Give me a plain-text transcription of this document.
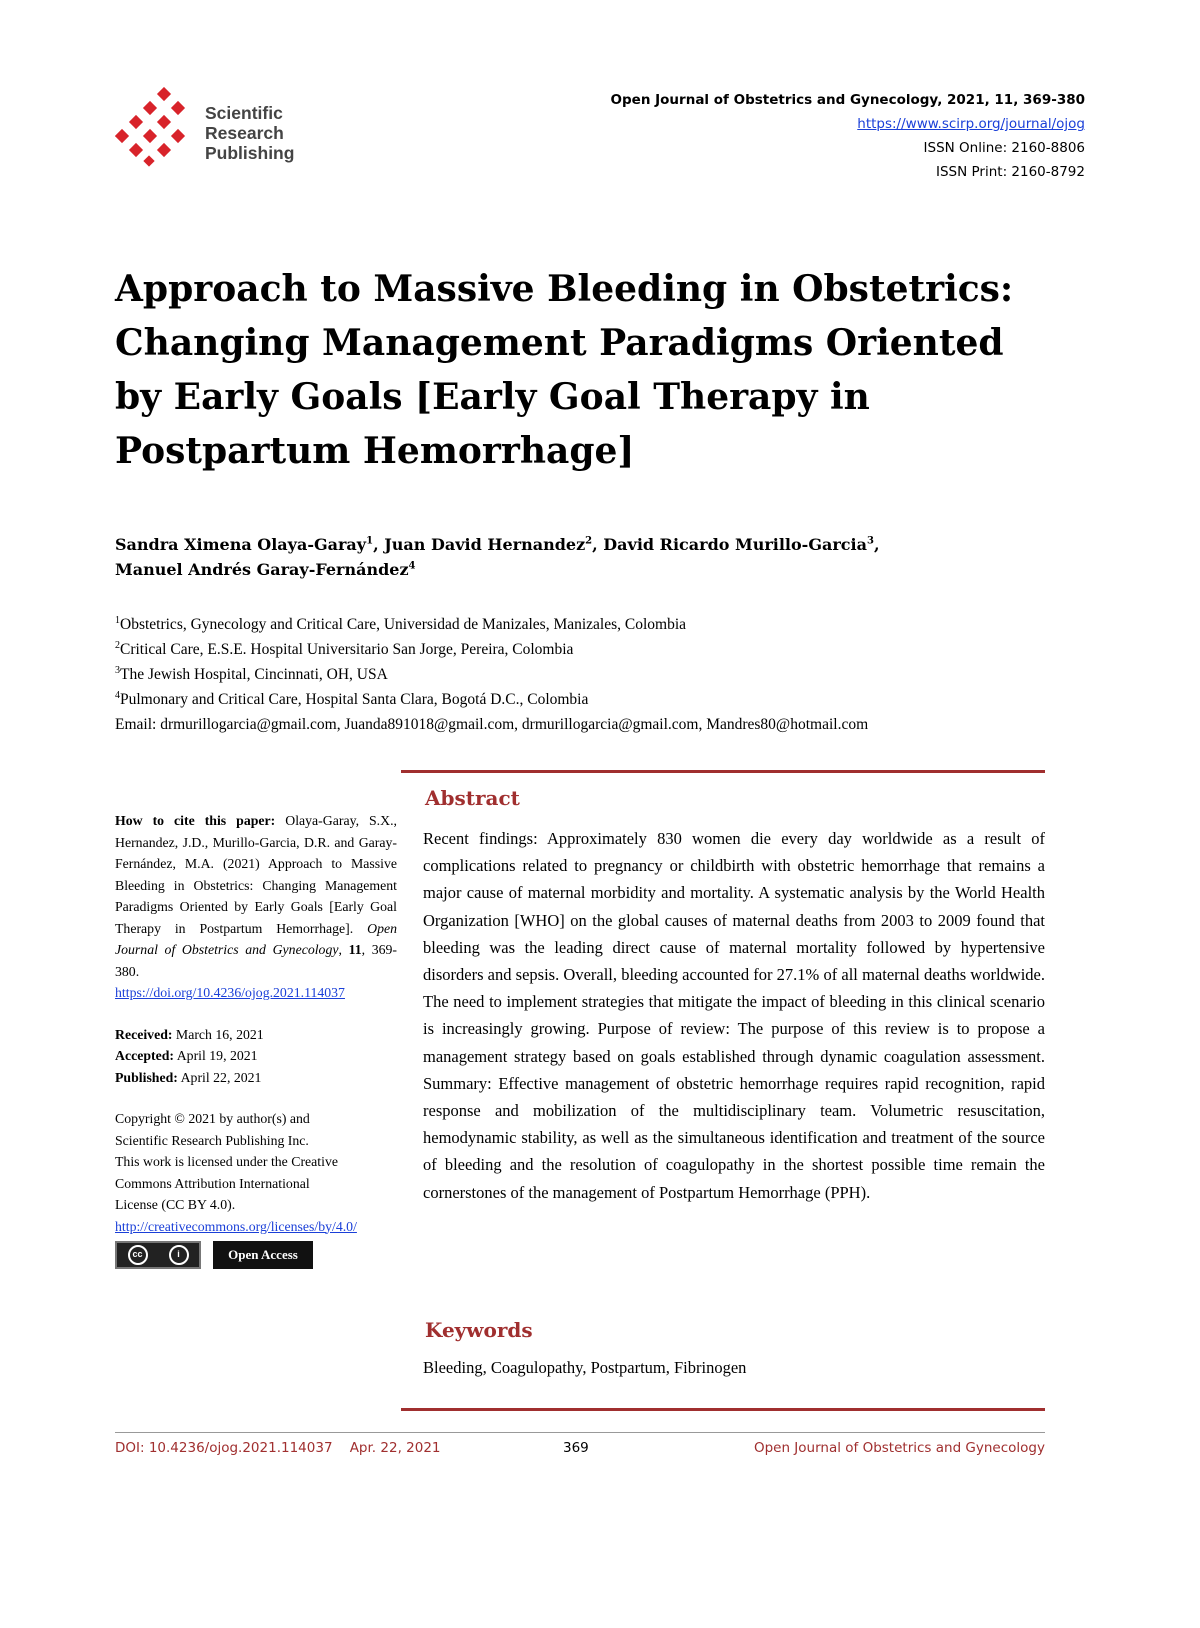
Scientific
Research
Publishing
Open Journal of Obstetrics and Gynecology, 2021, 11, 369-380
https://www.scirp.org/journal/ojog
ISSN Online: 2160-8806
ISSN Print: 2160-8792
Approach to Massive Bleeding in Obstetrics:
Changing Management Paradigms Oriented
by Early Goals [Early Goal Therapy in
Postpartum Hemorrhage]
Sandra Ximena Olaya-Garay$^1$, Juan David Hernandez$^2$, David Ricardo Murillo-Garcia$^3$,
Manuel Andrés Garay-Fernández$^4$
$^1$Obstetrics, Gynecology and Critical Care, Universidad de Manizales, Manizales, Colombia
$^2$Critical Care, E.S.E. Hospital Universitario San Jorge, Pereira, Colombia
$^3$The Jewish Hospital, Cincinnati, OH, USA
$^4$Pulmonary and Critical Care, Hospital Santa Clara, Bogotá D.C., Colombia
Email: drmurillogarcia@gmail.com, Juanda891018@gmail.com, drmurillogarcia@gmail.com, Mandres80@hotmail.com
How to cite this paper: Olaya-Garay, S.X., Hernandez, J.D., Murillo-Garcia, D.R. and Garay-Fernández, M.A. (2021) Approach to Massive Bleeding in Obstetrics: Changing Management Paradigms Oriented by Early Goals [Early Goal Therapy in Postpartum Hemorrhage]. Open Journal of Obstetrics and Gynecology, 11, 369-380.
https://doi.org/10.4236/ojog.2021.114037
Received: March 16, 2021
Accepted: April 19, 2021
Published: April 22, 2021
Copyright © 2021 by author(s) and
Scientific Research Publishing Inc.
This work is licensed under the Creative
Commons Attribution International
License (CC BY 4.0).
http://creativecommons.org/licenses/by/4.0/
cc	i	Open Access
Abstract
Recent findings: Approximately 830 women die every day worldwide as a result of complications related to pregnancy or childbirth with obstetric hemorrhage that remains a major cause of maternal morbidity and mortality. A systematic analysis by the World Health Organization [WHO] on the global causes of maternal deaths from 2003 to 2009 found that bleeding was the leading direct cause of maternal mortality followed by hypertensive disorders and sepsis. Overall, bleeding accounted for 27.1% of all maternal deaths worldwide. The need to implement strategies that mitigate the impact of bleeding in this clinical scenario is increasingly growing. Purpose of review: The purpose of this review is to propose a management strategy based on goals established through dynamic coagulation assessment. Summary: Effective management of obstetric hemorrhage requires rapid recognition, rapid response and mobilization of the multidisciplinary team. Volumetric resuscitation, hemodynamic stability, as well as the simultaneous identification and treatment of the source of bleeding and the resolution of coagulopathy in the shortest possible time remain the cornerstones of the management of Postpartum Hemorrhage (PPH).
Keywords
Bleeding, Coagulopathy, Postpartum, Fibrinogen
DOI: 10.4236/ojog.2021.114037    Apr. 22, 2021	369	Open Journal of Obstetrics and Gynecology
